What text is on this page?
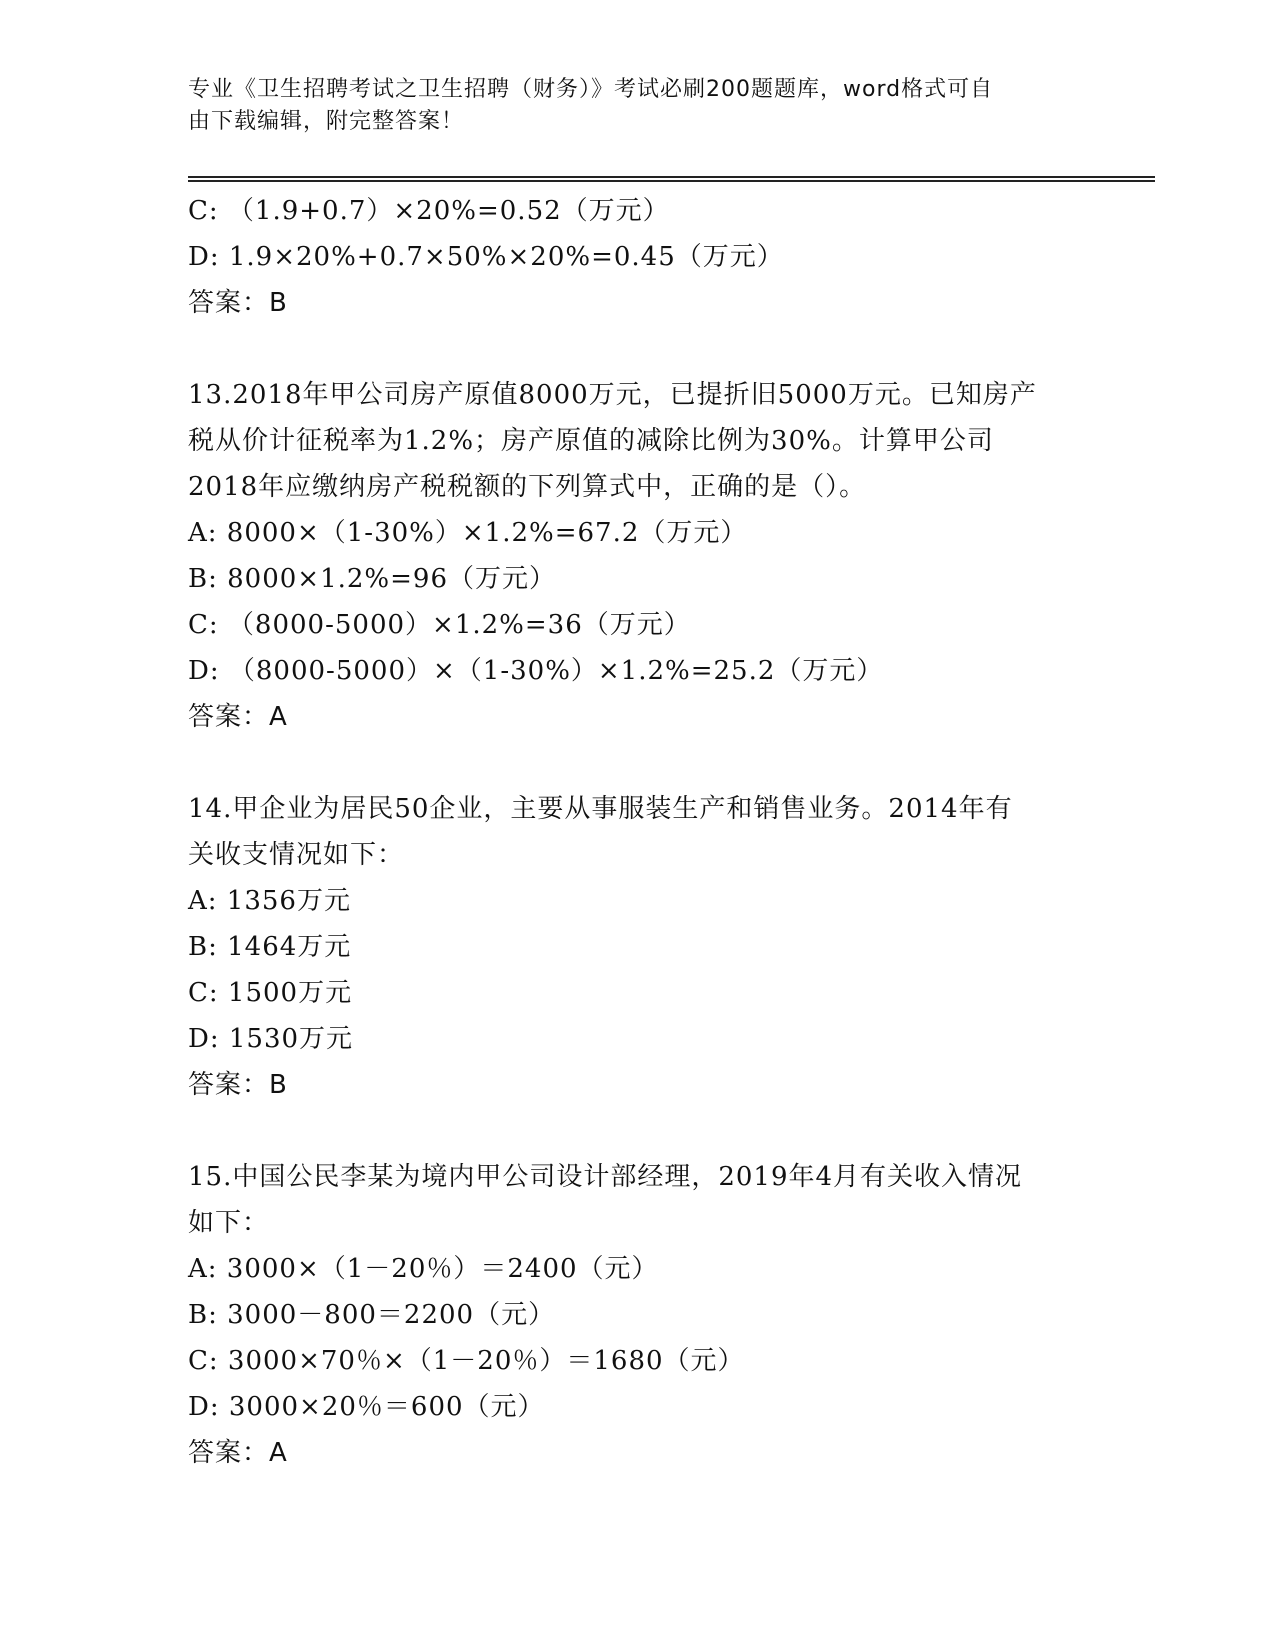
专业《卫生招聘考试之卫生招聘（财务）》考试必刷200题题库，word格式可自
由下载编辑，附完整答案！
C: （1.9+0.7）×20%=0.52（万元）
D: 1.9×20%+0.7×50%×20%=0.45（万元）
答案：B
13.2018年甲公司房产原值8000万元，已提折旧5000万元。已知房产
税从价计征税率为1.2%；房产原值的减除比例为30%。计算甲公司
2018年应缴纳房产税税额的下列算式中，正确的是（）。
A: 8000×（1-30%）×1.2%=67.2（万元）
B: 8000×1.2%=96（万元）
C: （8000-5000）×1.2%=36（万元）
D: （8000-5000）×（1-30%）×1.2%=25.2（万元）
答案：A
14.甲企业为居民50企业，主要从事服装生产和销售业务。2014年有
关收支情况如下：
A: 1356万元
B: 1464万元
C: 1500万元
D: 1530万元
答案：B
15.中国公民李某为境内甲公司设计部经理，2019年4月有关收入情况
如下：
A: 3000×（1－20％）＝2400（元）
B: 3000－800＝2200（元）
C: 3000×70％×（1－20％）＝1680（元）
D: 3000×20％＝600（元）
答案：A
